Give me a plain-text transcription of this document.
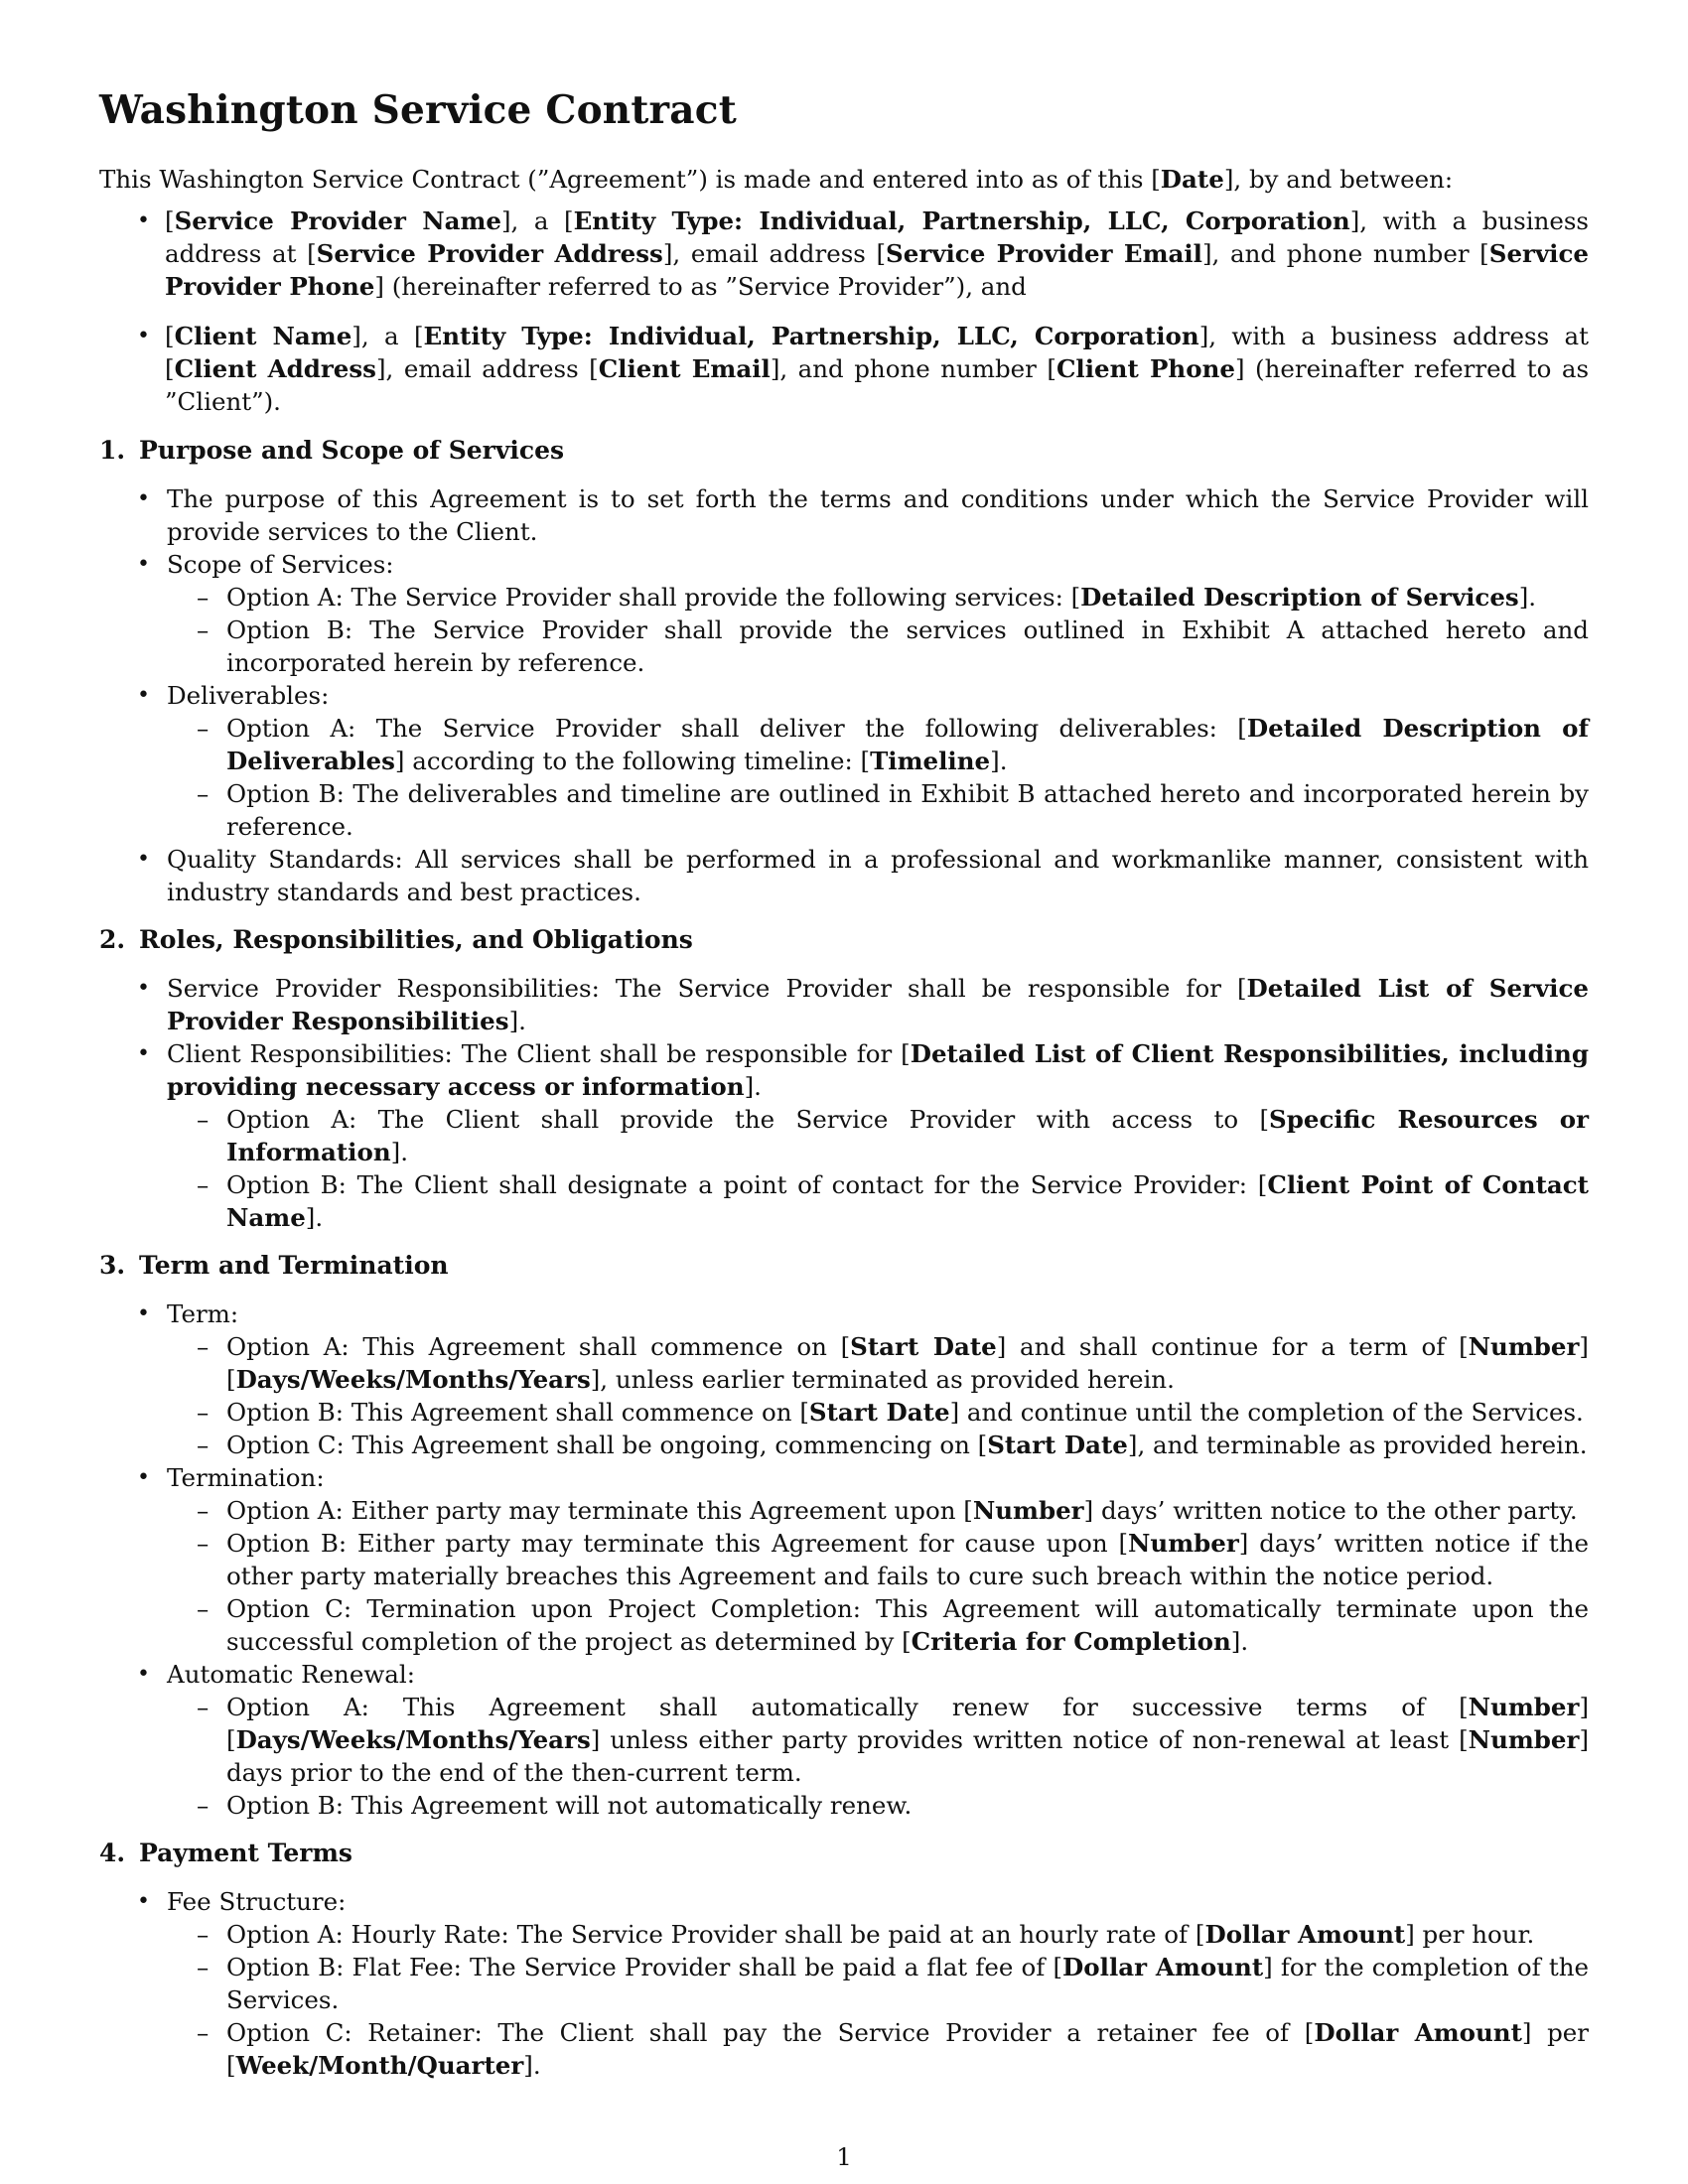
Washington Service Contract

This Washington Service Contract (”Agreement”) is made and entered into as of this [Date], by and between:

• [Service Provider Name], a [Entity Type: Individual, Partnership, LLC, Corporation], with a business address at [Service Provider Address], email address [Service Provider Email], and phone number [Service Provider Phone] (hereinafter referred to as ”Service Provider”), and
• [Client Name], a [Entity Type: Individual, Partnership, LLC, Corporation], with a business address at [Client Address], email address [Client Email], and phone number [Client Phone] (hereinafter referred to as ”Client”).
1. Purpose and Scope of Services
• The purpose of this Agreement is to set forth the terms and conditions under which the Service Provider will provide services to the Client.
• Scope of Services:
– Option A: The Service Provider shall provide the following services: [Detailed Description of Services].
– Option B: The Service Provider shall provide the services outlined in Exhibit A attached hereto and incorporated herein by reference.
• Deliverables:
– Option A: The Service Provider shall deliver the following deliverables: [Detailed Description of Deliverables] according to the following timeline: [Timeline].
– Option B: The deliverables and timeline are outlined in Exhibit B attached hereto and incorporated herein by reference.
• Quality Standards: All services shall be performed in a professional and workmanlike manner, consistent with industry standards and best practices.
2. Roles, Responsibilities, and Obligations
• Service Provider Responsibilities: The Service Provider shall be responsible for [Detailed List of Service Provider Responsibilities].
• Client Responsibilities: The Client shall be responsible for [Detailed List of Client Responsibilities, including providing necessary access or information].
– Option A: The Client shall provide the Service Provider with access to [Specific Resources or Information].
– Option B: The Client shall designate a point of contact for the Service Provider: [Client Point of Contact Name].
3. Term and Termination
• Term:
– Option A: This Agreement shall commence on [Start Date] and shall continue for a term of [Number] [Days/Weeks/Months/Years], unless earlier terminated as provided herein.
– Option B: This Agreement shall commence on [Start Date] and continue until the completion of the Services.
– Option C: This Agreement shall be ongoing, commencing on [Start Date], and terminable as provided herein.
• Termination:
– Option A: Either party may terminate this Agreement upon [Number] days’ written notice to the other party.
– Option B: Either party may terminate this Agreement for cause upon [Number] days’ written notice if the other party materially breaches this Agreement and fails to cure such breach within the notice period.
– Option C: Termination upon Project Completion: This Agreement will automatically terminate upon the successful completion of the project as determined by [Criteria for Completion].
• Automatic Renewal:
– Option A: This Agreement shall automatically renew for successive terms of [Number] [Days/Weeks/Months/Years] unless either party provides written notice of non-renewal at least [Number] days prior to the end of the then-current term.
– Option B: This Agreement will not automatically renew.
4. Payment Terms
• Fee Structure:
– Option A: Hourly Rate: The Service Provider shall be paid at an hourly rate of [Dollar Amount] per hour.
– Option B: Flat Fee: The Service Provider shall be paid a flat fee of [Dollar Amount] for the completion of the Services.
– Option C: Retainer: The Client shall pay the Service Provider a retainer fee of [Dollar Amount] per [Week/Month/Quarter].
1
